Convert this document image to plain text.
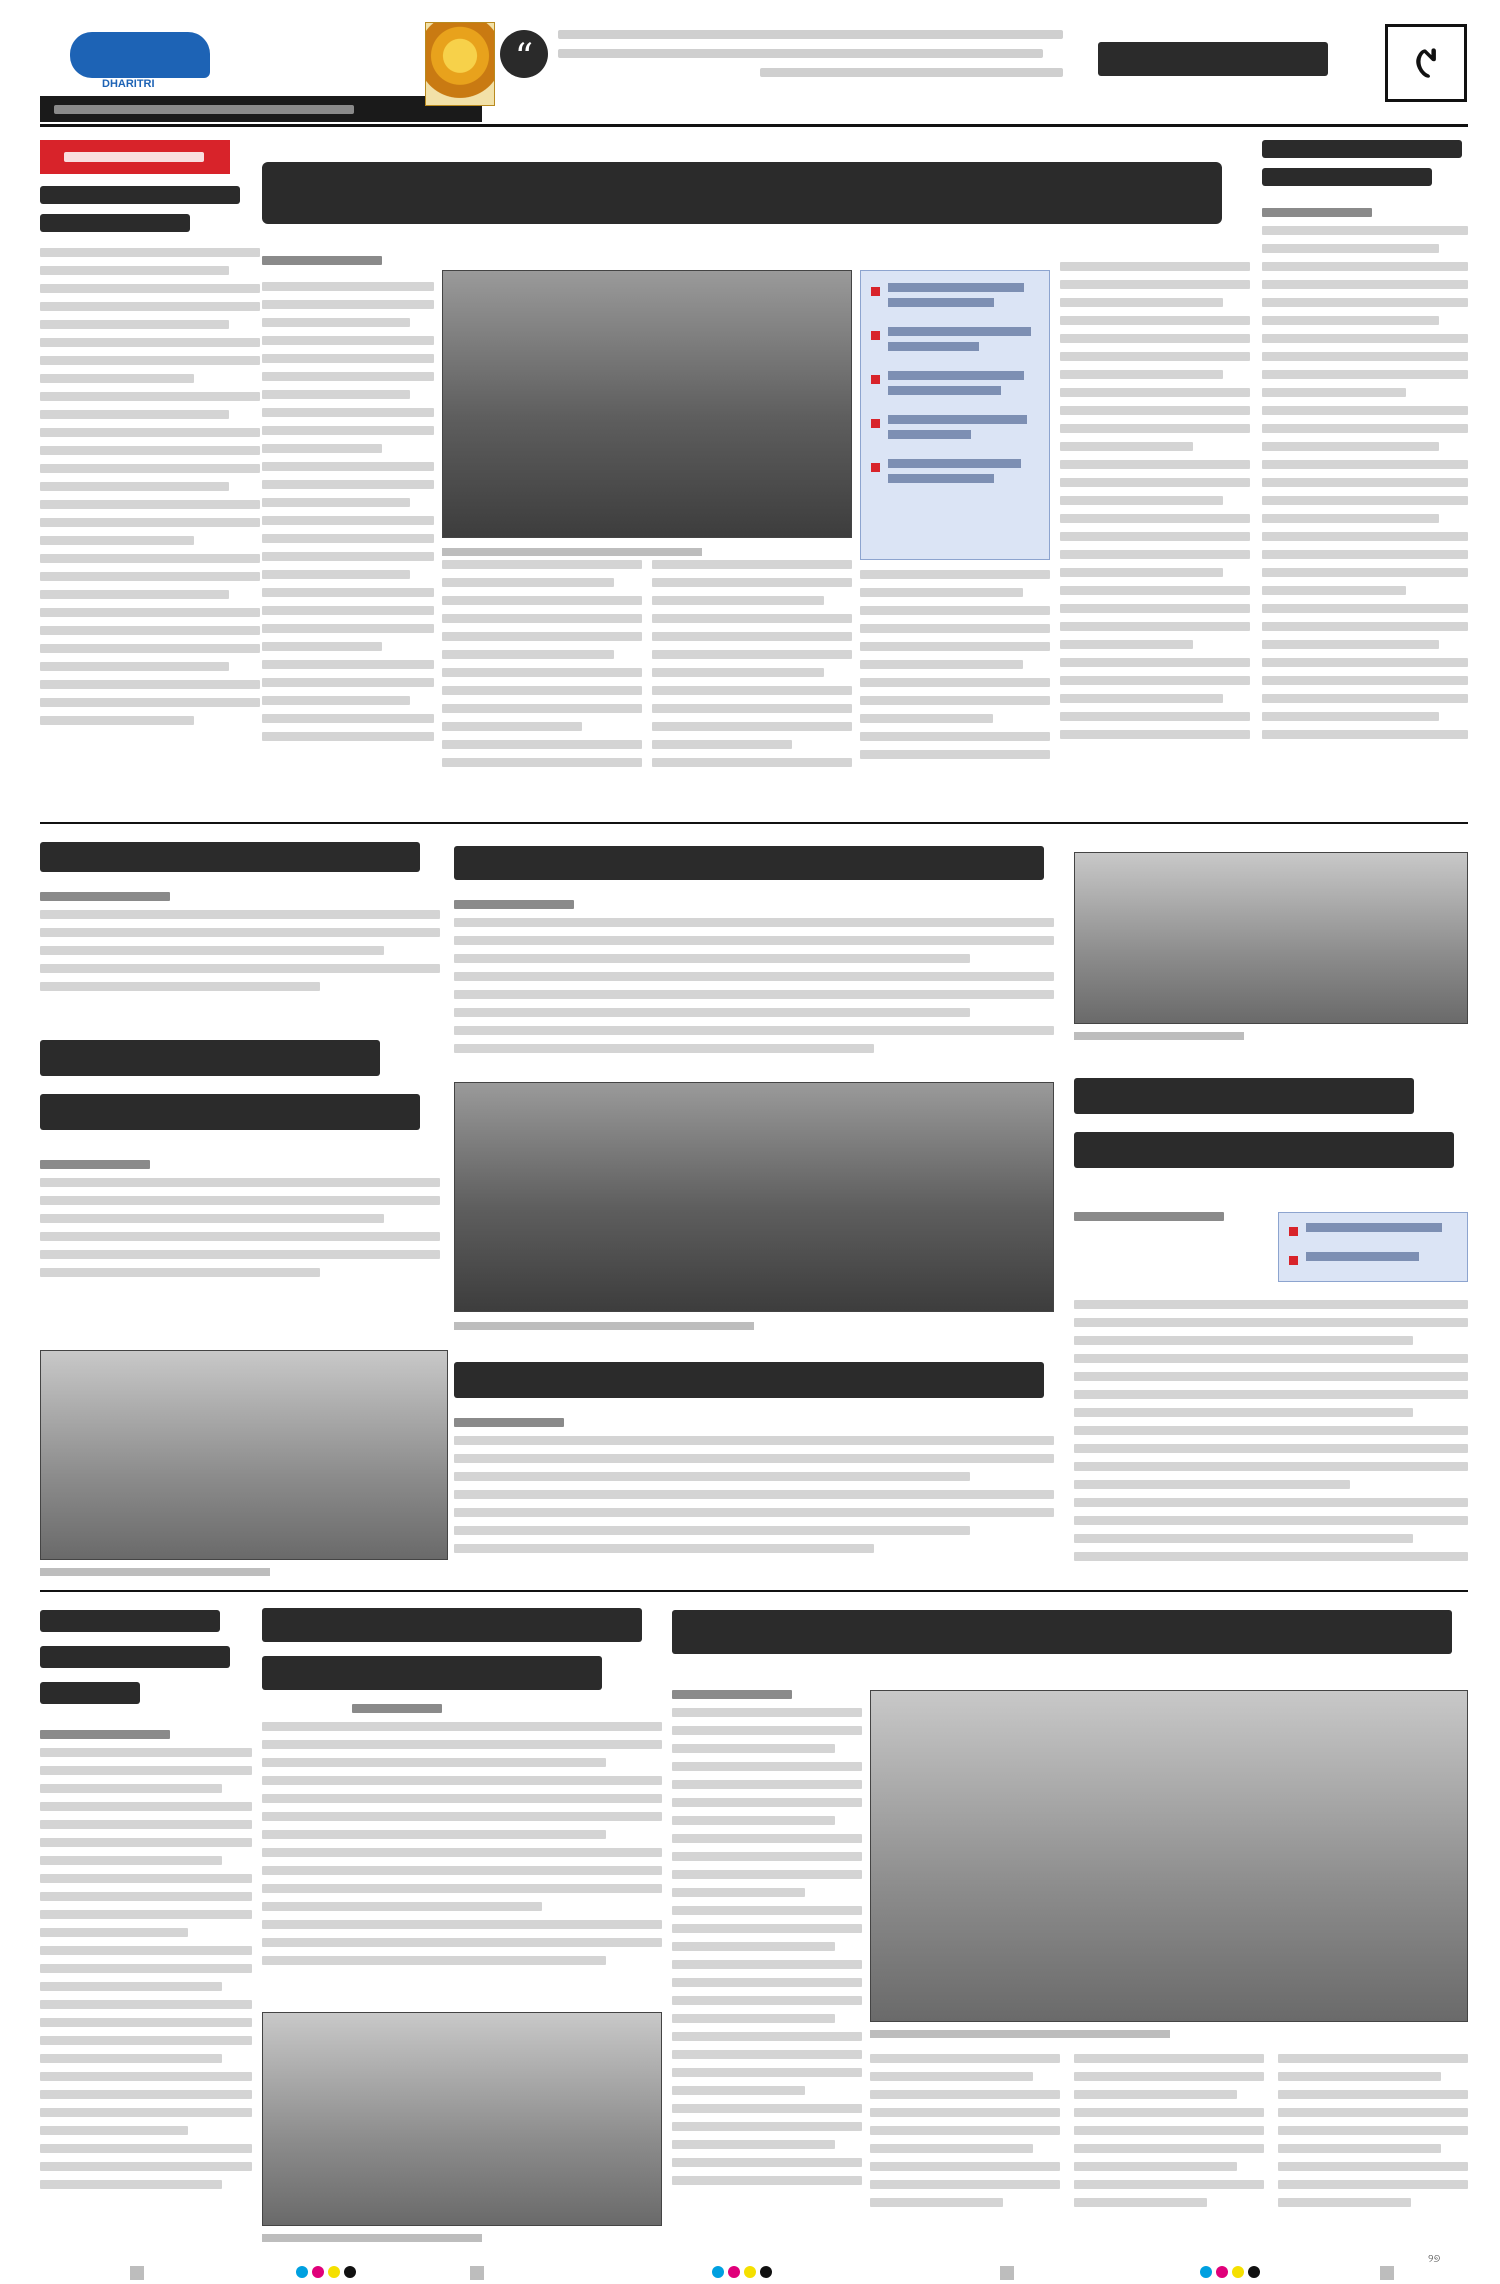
DHARITRI
“	୯
୨୭
